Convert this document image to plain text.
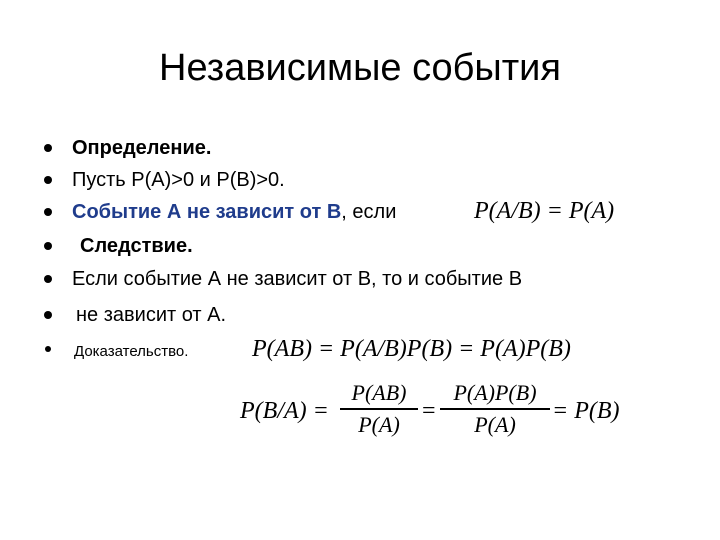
Независимые события
Определение.
Пусть P(A)>0 и P(B)>0.
Событие А не зависит от В, если	P(A/B) = P(A)
Следствие.
Если событие А не зависит от В, то и событие В
не зависит от А.
Доказательство.	P(AB) = P(A/B)P(B) = P(A)P(B)
P(B/A) =
P(AB)
P(A) =
P(A)P(B)
P(A)	= P(B)
